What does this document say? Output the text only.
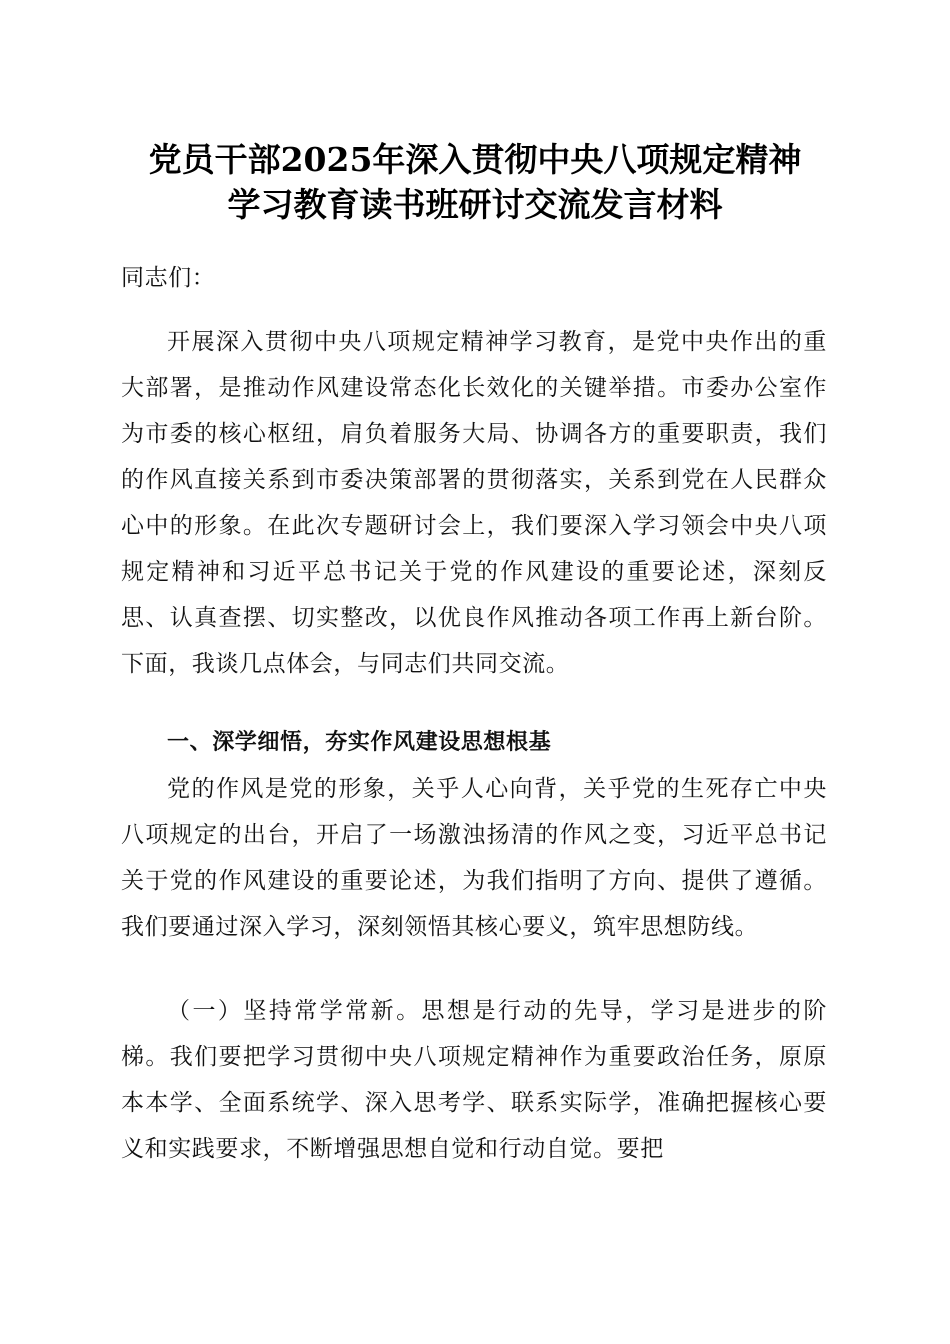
党员干部2025年深入贯彻中央八项规定精神
学习教育读书班研讨交流发言材料

同志们：

开展深入贯彻中央八项规定精神学习教育，是党中央作出的重大部署，是推动作风建设常态化长效化的关键举措。市委办公室作为市委的核心枢纽，肩负着服务大局、协调各方的重要职责，我们的作风直接关系到市委决策部署的贯彻落实，关系到党在人民群众心中的形象。在此次专题研讨会上，我们要深入学习领会中央八项规定精神和习近平总书记关于党的作风建设的重要论述，深刻反思、认真查摆、切实整改，以优良作风推动各项工作再上新台阶。下面，我谈几点体会，与同志们共同交流。

一、深学细悟，夯实作风建设思想根基

党的作风是党的形象，关乎人心向背，关乎党的生死存亡中央八项规定的出台，开启了一场激浊扬清的作风之变，习近平总书记关于党的作风建设的重要论述，为我们指明了方向、提供了遵循。我们要通过深入学习，深刻领悟其核心要义，筑牢思想防线。

（一）坚持常学常新。思想是行动的先导，学习是进步的阶梯。我们要把学习贯彻中央八项规定精神作为重要政治任务，原原本本学、全面系统学、深入思考学、联系实际学，准确把握核心要义和实践要求，不断增强思想自觉和行动自觉。要把
